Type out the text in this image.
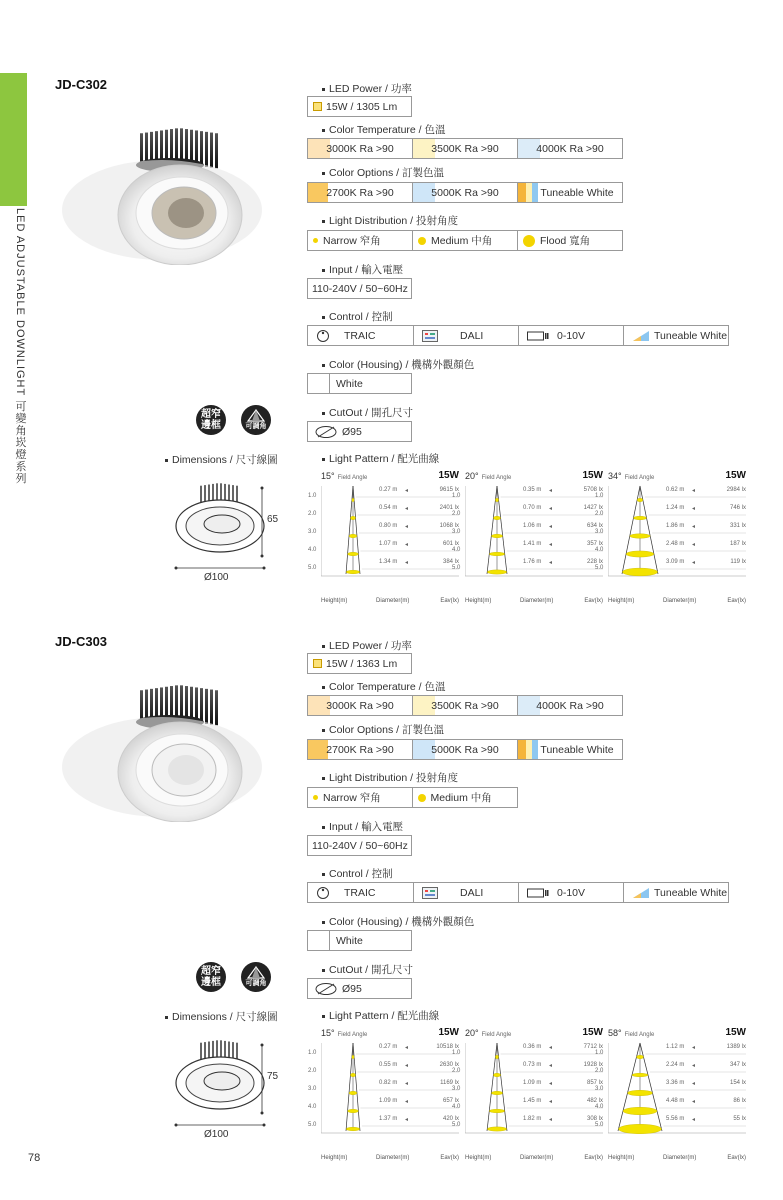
LED ADJUSTABLE DOWNLIGHT 可變角崁燈系列
78
JD-C302
超窄邊框	可調角
Dimensions / 尺寸線圖
65
Ø100
LED Power / 功率
Color Temperature / 色溫
Color Options / 訂製色溫
Light Distribution / 投射角度
Input / 輸入電壓
Control / 控制
Color (Housing) / 機構外觀顏色
CutOut / 開孔尺寸
Light Pattern / 配光曲線
15W / 1305 Lm
3000K Ra >90	3500K Ra >90	4000K Ra >90
2700K Ra >90	5000K Ra >90	Tuneable White
Narrow 窄角	Medium 中角	Flood 寬角
110-240V / 50~60Hz
TRAIC	DALI	0-10V	Tuneable White
White
Ø95
15° Field Angle	15W
1.0
2.0
3.0
4.0
5.0
0.27 m ◂	9615 lx
0.54 m ◂	2401 lx
0.80 m ◂	1068 lx
1.07 m ◂	601 lx
1.34 m ◂	384 lx
Height(m)	Diameter(m)	Eav(lx)
20° Field Angle	15W
1.0
2.0
3.0
4.0
5.0
0.35 m ◂	5708 lx
0.70 m ◂	1427 lx
1.06 m ◂	634 lx
1.41 m ◂	357 lx
1.76 m ◂	228 lx
Height(m)	Diameter(m)	Eav(lx)
34° Field Angle	15W
1.0
2.0
3.0
4.0
5.0
0.62 m ◂	2984 lx
1.24 m ◂	746 lx
1.86 m ◂	331 lx
2.48 m ◂	187 lx
3.09 m ◂	119 lx
Height(m)	Diameter(m)	Eav(lx)
JD-C303
超窄邊框	可調角
Dimensions / 尺寸線圖
75
Ø100
LED Power / 功率
Color Temperature / 色溫
Color Options / 訂製色溫
Light Distribution / 投射角度
Input / 輸入電壓
Control / 控制
Color (Housing) / 機構外觀顏色
CutOut / 開孔尺寸
Light Pattern / 配光曲線
15W / 1363 Lm
3000K Ra >90	3500K Ra >90	4000K Ra >90
2700K Ra >90	5000K Ra >90	Tuneable White
Narrow 窄角	Medium 中角
110-240V / 50~60Hz
TRAIC	DALI	0-10V	Tuneable White
White
Ø95
15° Field Angle	15W
1.0
2.0
3.0
4.0
5.0
0.27 m ◂	10518 lx
0.55 m ◂	2630 lx
0.82 m ◂	1169 lx
1.09 m ◂	657 lx
1.37 m ◂	420 lx
Height(m)	Diameter(m)	Eav(lx)
20° Field Angle	15W
1.0
2.0
3.0
4.0
5.0
0.36 m ◂	7712 lx
0.73 m ◂	1928 lx
1.09 m ◂	857 lx
1.45 m ◂	482 lx
1.82 m ◂	308 lx
Height(m)	Diameter(m)	Eav(lx)
58° Field Angle	15W
1.0
2.0
3.0
4.0
5.0
1.12 m ◂	1389 lx
2.24 m ◂	347 lx
3.36 m ◂	154 lx
4.48 m ◂	86 lx
5.56 m ◂	55 lx
Height(m)	Diameter(m)	Eav(lx)
